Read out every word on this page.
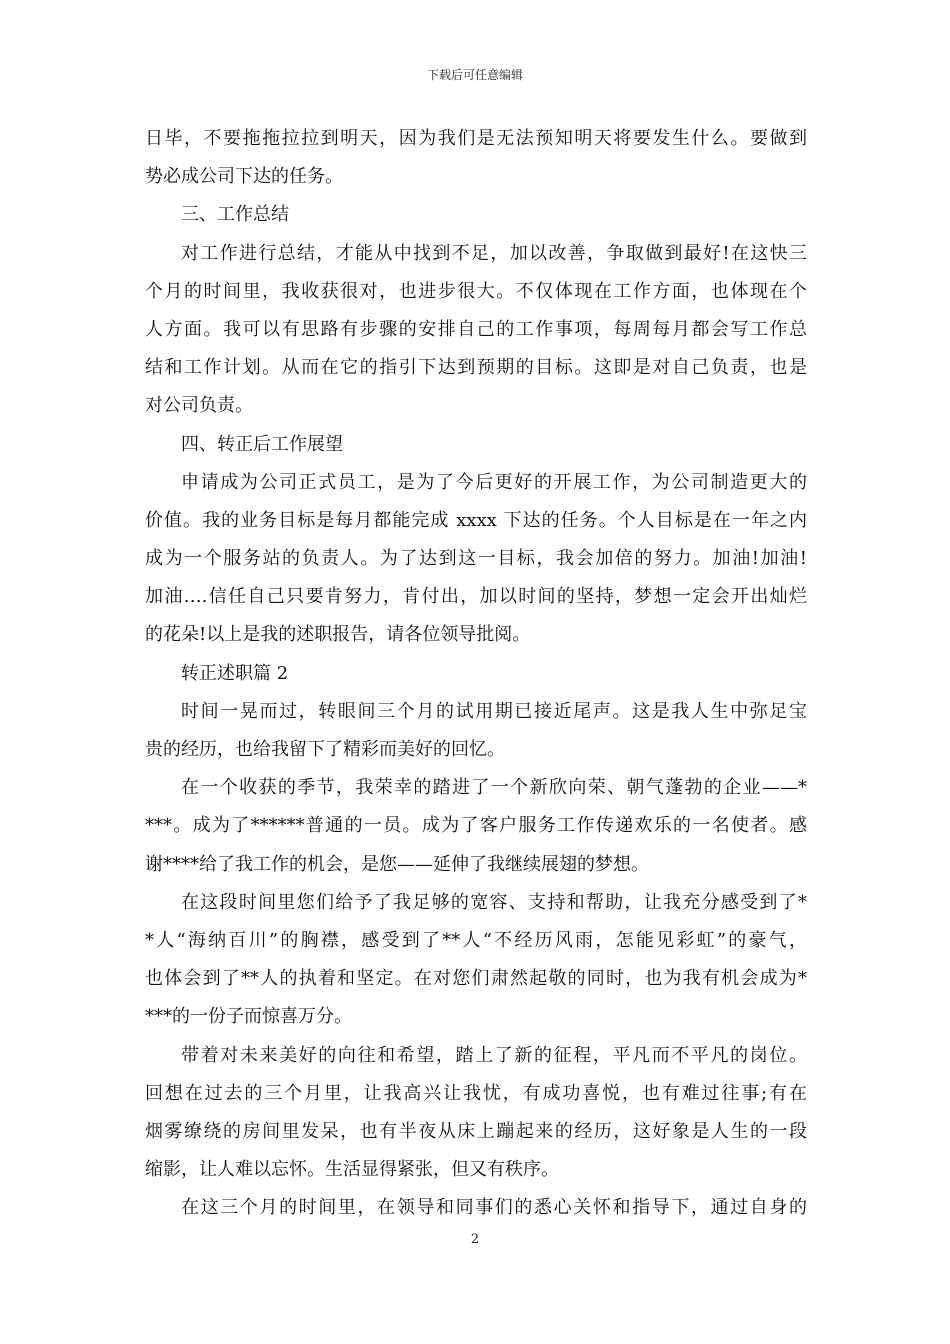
下载后可任意编辑
日毕，不要拖拖拉拉到明天，因为我们是无法预知明天将要发生什么。要做到
势必成公司下达的任务。
三、工作总结
对工作进行总结，才能从中找到不足，加以改善，争取做到最好!在这快三
个月的时间里，我收获很对，也进步很大。不仅体现在工作方面，也体现在个
人方面。我可以有思路有步骤的安排自己的工作事项，每周每月都会写工作总
结和工作计划。从而在它的指引下达到预期的目标。这即是对自己负责，也是
对公司负责。
四、转正后工作展望
申请成为公司正式员工，是为了今后更好的开展工作，为公司制造更大的
价值。我的业务目标是每月都能完成 xxxx 下达的任务。个人目标是在一年之内
成为一个服务站的负责人。为了达到这一目标，我会加倍的努力。加油!加油!
加油….信任自己只要肯努力，肯付出，加以时间的坚持，梦想一定会开出灿烂
的花朵!以上是我的述职报告，请各位领导批阅。
转正述职篇 2
时间一晃而过，转眼间三个月的试用期已接近尾声。这是我人生中弥足宝
贵的经历，也给我留下了精彩而美好的回忆。
在一个收获的季节，我荣幸的踏进了一个新欣向荣、朝气蓬勃的企业——*
***。成为了******普通的一员。成为了客户服务工作传递欢乐的一名使者。感
谢****给了我工作的机会，是您——延伸了我继续展翅的梦想。
在这段时间里您们给予了我足够的宽容、支持和帮助，让我充分感受到了*
*人“海纳百川”的胸襟，感受到了**人“不经历风雨，怎能见彩虹”的豪气，
也体会到了**人的执着和坚定。在对您们肃然起敬的同时，也为我有机会成为*
***的一份子而惊喜万分。
带着对未来美好的向往和希望，踏上了新的征程，平凡而不平凡的岗位。
回想在过去的三个月里，让我高兴让我忧，有成功喜悦，也有难过往事;有在
烟雾缭绕的房间里发呆，也有半夜从床上蹦起来的经历，这好象是人生的一段
缩影，让人难以忘怀。生活显得紧张，但又有秩序。
在这三个月的时间里，在领导和同事们的悉心关怀和指导下，通过自身的
2
